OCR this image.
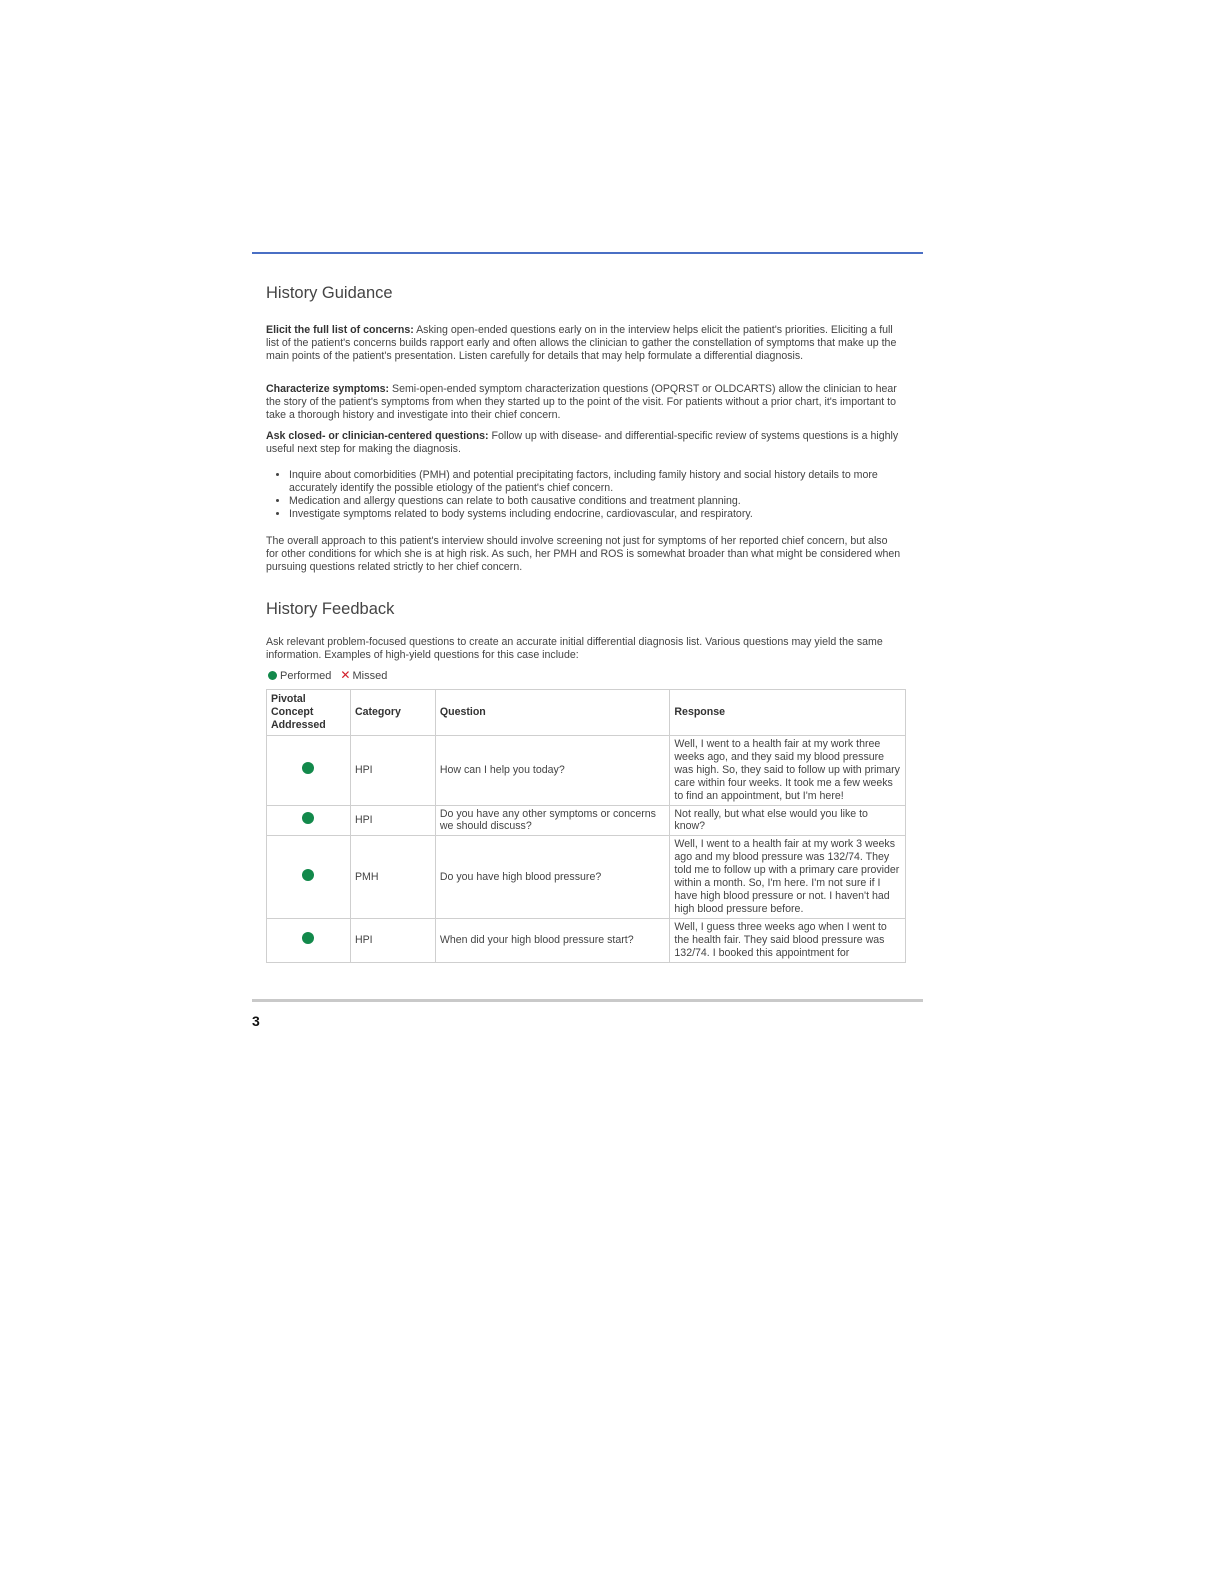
History Guidance

Elicit the full list of concerns: Asking open-ended questions early on in the interview helps elicit the patient's priorities. Eliciting a full list of the patient's concerns builds rapport early and often allows the clinician to gather the constellation of symptoms that make up the main points of the patient's presentation. Listen carefully for details that may help formulate a differential diagnosis.

Characterize symptoms: Semi-open-ended symptom characterization questions (OPQRST or OLDCARTS) allow the clinician to hear the story of the patient's symptoms from when they started up to the point of the visit. For patients without a prior chart, it's important to take a thorough history and investigate into their chief concern.

Ask closed- or clinician-centered questions: Follow up with disease- and differential-specific review of systems questions is a highly useful next step for making the diagnosis.

• Inquire about comorbidities (PMH) and potential precipitating factors, including family history and social history details to more accurately identify the possible etiology of the patient's chief concern.
• Medication and allergy questions can relate to both causative conditions and treatment planning.
• Investigate symptoms related to body systems including endocrine, cardiovascular, and respiratory.

The overall approach to this patient's interview should involve screening not just for symptoms of her reported chief concern, but also for other conditions for which she is at high risk. As such, her PMH and ROS is somewhat broader than what might be considered when pursuing questions related strictly to her chief concern.

History Feedback

Ask relevant problem-focused questions to create an accurate initial differential diagnosis list. Various questions may yield the same information. Examples of high-yield questions for this case include:

Performed ✕ Missed
Pivotal Concept Addressed	Category	Question	Response
	HPI	How can I help you today?	Well, I went to a health fair at my work three weeks ago, and they said my blood pressure was high. So, they said to follow up with primary care within four weeks. It took me a few weeks to find an appointment, but I'm here!
	HPI	Do you have any other symptoms or concerns we should discuss?	Not really, but what else would you like to know?
	PMH	Do you have high blood pressure?	Well, I went to a health fair at my work 3 weeks ago and my blood pressure was 132/74. They told me to follow up with a primary care provider within a month. So, I'm here. I'm not sure if I have high blood pressure or not. I haven't had high blood pressure before.
	HPI	When did your high blood pressure start?	Well, I guess three weeks ago when I went to the health fair. They said blood pressure was 132/74. I booked this appointment for
3
